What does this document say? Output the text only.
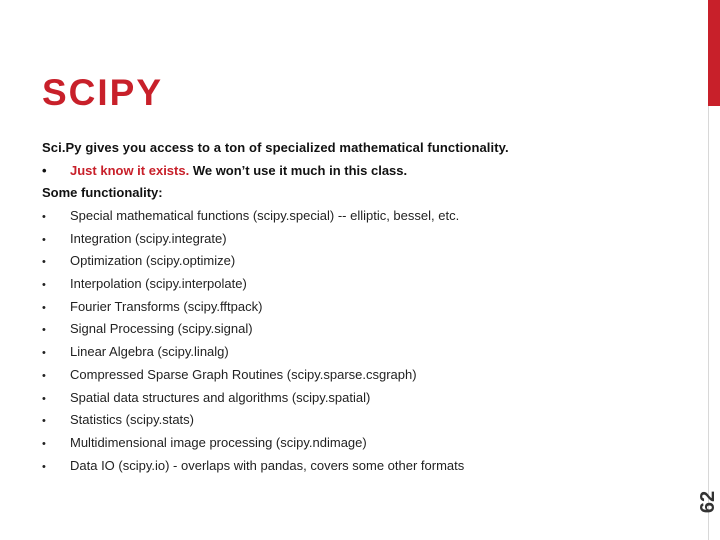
62
SCIPY
Sci.Py gives you access to a ton of specialized mathematical functionality.
• Just know it exists. We won’t use it much in this class.
Some functionality:
• Special mathematical functions (scipy.special) -- elliptic, bessel, etc.
• Integration (scipy.integrate)
• Optimization (scipy.optimize)
• Interpolation (scipy.interpolate)
• Fourier Transforms (scipy.fftpack)
• Signal Processing (scipy.signal)
• Linear Algebra (scipy.linalg)
• Compressed Sparse Graph Routines (scipy.sparse.csgraph)
• Spatial data structures and algorithms (scipy.spatial)
• Statistics (scipy.stats)
• Multidimensional image processing (scipy.ndimage)
• Data IO (scipy.io) - overlaps with pandas, covers some other formats
